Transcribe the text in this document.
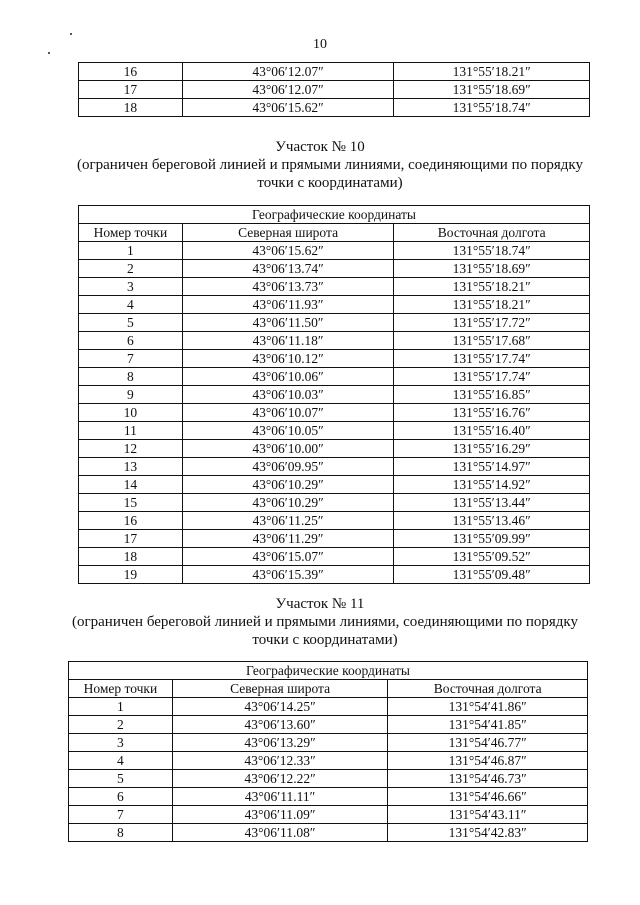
10
16	43°06′12.07″	131°55′18.21″
17	43°06′12.07″	131°55′18.69″
18	43°06′15.62″	131°55′18.74″
Участок № 10
(ограничен береговой линией и прямыми линиями, соединяющими по порядку
точки с координатами)
Географические координаты		
Номер точки	Северная широта	Восточная долгота
1	43°06′15.62″	131°55′18.74″
2	43°06′13.74″	131°55′18.69″
3	43°06′13.73″	131°55′18.21″
4	43°06′11.93″	131°55′18.21″
5	43°06′11.50″	131°55′17.72″
6	43°06′11.18″	131°55′17.68″
7	43°06′10.12″	131°55′17.74″
8	43°06′10.06″	131°55′17.74″
9	43°06′10.03″	131°55′16.85″
10	43°06′10.07″	131°55′16.76″
11	43°06′10.05″	131°55′16.40″
12	43°06′10.00″	131°55′16.29″
13	43°06′09.95″	131°55′14.97″
14	43°06′10.29″	131°55′14.92″
15	43°06′10.29″	131°55′13.44″
16	43°06′11.25″	131°55′13.46″
17	43°06′11.29″	131°55′09.99″
18	43°06′15.07″	131°55′09.52″
19	43°06′15.39″	131°55′09.48″
Участок № 11
(ограничен береговой линией и прямыми линиями, соединяющими по порядку
точки с координатами)
Географические координаты		
Номер точки	Северная широта	Восточная долгота
1	43°06′14.25″	131°54′41.86″
2	43°06′13.60″	131°54′41.85″
3	43°06′13.29″	131°54′46.77″
4	43°06′12.33″	131°54′46.87″
5	43°06′12.22″	131°54′46.73″
6	43°06′11.11″	131°54′46.66″
7	43°06′11.09″	131°54′43.11″
8	43°06′11.08″	131°54′42.83″
